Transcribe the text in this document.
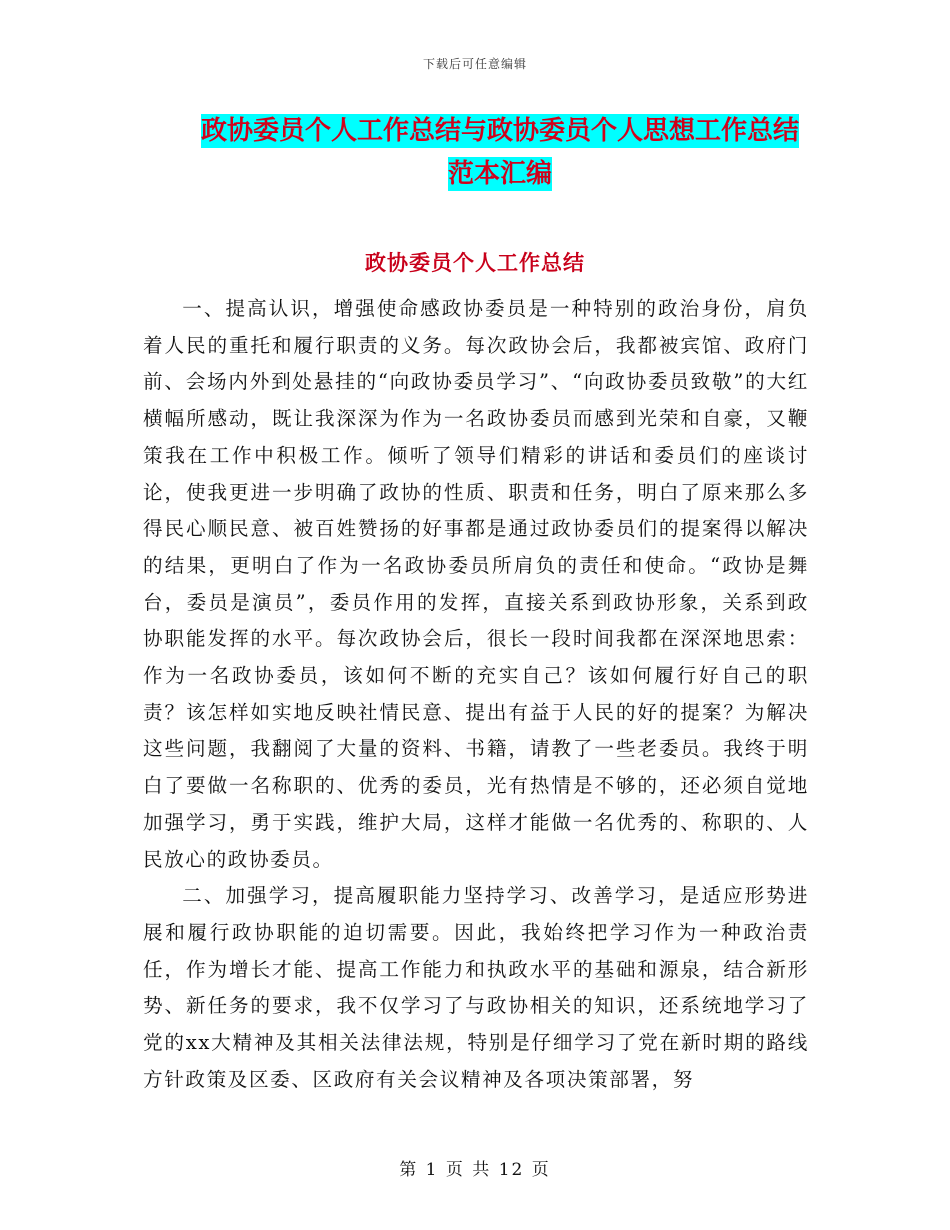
下载后可任意编辑
政协委员个人工作总结与政协委员个人思想工作总结
范本汇编
政协委员个人工作总结

一、提高认识，增强使命感政协委员是一种特别的政治身份，肩负着人民的重托和履行职责的义务。每次政协会后，我都被宾馆、政府门前、会场内外到处悬挂的“向政协委员学习”、“向政协委员致敬”的大红横幅所感动，既让我深深为作为一名政协委员而感到光荣和自豪，又鞭策我在工作中积极工作。倾听了领导们精彩的讲话和委员们的座谈讨论，使我更进一步明确了政协的性质、职责和任务，明白了原来那么多得民心顺民意、被百姓赞扬的好事都是通过政协委员们的提案得以解决的结果，更明白了作为一名政协委员所肩负的责任和使命。“政协是舞台，委员是演员”，委员作用的发挥，直接关系到政协形象，关系到政协职能发挥的水平。每次政协会后，很长一段时间我都在深深地思索：作为一名政协委员，该如何不断的充实自己？该如何履行好自己的职责？该怎样如实地反映社情民意、提出有益于人民的好的提案？为解决这些问题，我翻阅了大量的资料、书籍，请教了一些老委员。我终于明白了要做一名称职的、优秀的委员，光有热情是不够的，还必须自觉地加强学习，勇于实践，维护大局，这样才能做一名优秀的、称职的、人民放心的政协委员。

二、加强学习，提高履职能力坚持学习、改善学习，是适应形势进展和履行政协职能的迫切需要。因此，我始终把学习作为一种政治责任，作为增长才能、提高工作能力和执政水平的基础和源泉，结合新形势、新任务的要求，我不仅学习了与政协相关的知识，还系统地学习了党的xx大精神及其相关法律法规，特别是仔细学习了党在新时期的路线方针政策及区委、区政府有关会议精神及各项决策部署，努

第 1 页 共 12 页
